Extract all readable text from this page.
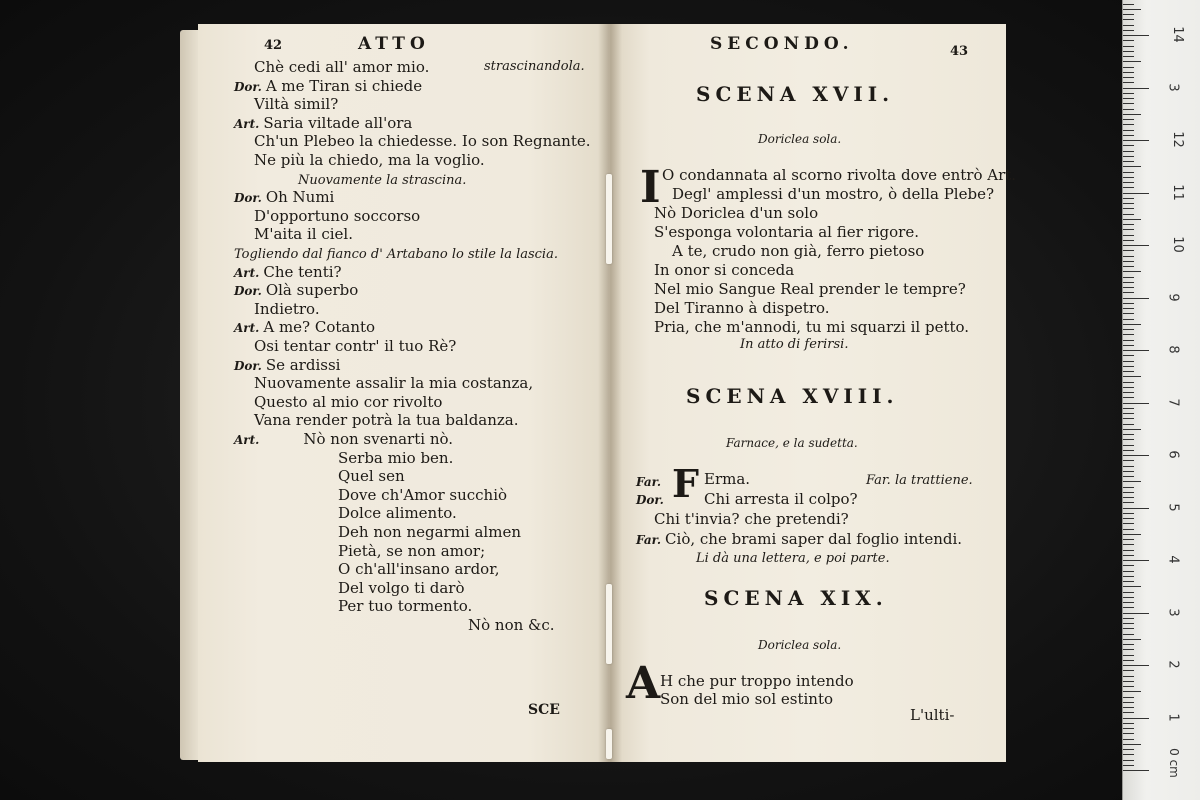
42	ATTO
Chè cedi all' amor mio.	strascinandola.
Dor. A me Tiran si chiede
Viltà simil?
Art. Saria viltade all'ora
Ch'un Plebeo la chiedesse. Io son Regnante.
Ne più la chiedo, ma la voglio.
Nuovamente la strascina.
Dor. Oh Numi
D'opportuno soccorso
M'aita il ciel.
Togliendo dal fianco d' Artabano lo stile la lascia.
Art. Che tenti?
Dor. Olà superbo
Indietro.
Art. A me? Cotanto
Osi tentar contr' il tuo Rè?
Dor. Se ardissi
Nuovamente assalir la mia costanza,
Questo al mio cor rivolto
Vana render potrà la tua baldanza.
Art.	Nò non svenarti nò.
Serba mio ben.
Quel sen
Dove ch'Amor succhiò
Dolce alimento.
Deh non negarmi almen
Pietà, se non amor;
O ch'all'insano ardor,
Del volgo ti darò
Per tuo tormento.
Nò non &c.
SCE
SECONDO.	43
SCENA XVII.
Doriclea sola.
I O condannata al scorno rivolta dove entrò Art.
Degl' amplessi d'un mostro, ò della Plebe?
Nò Doriclea d'un solo
S'esponga volontaria al fier rigore.
A te, crudo non già, ferro pietoso
In onor si conceda
Nel mio Sangue Real prender le tempre?
Del Tiranno à dispetro.
Pria, che m'annodi, tu mi squarzi il petto.
In atto di ferirsi.
SCENA XVIII.
Farnace, e la sudetta.
Far. F Erma.	Far. la trattiene.
Dor.	Chi arresta il colpo?
Chi t'invia? che pretendi?
Far. Ciò, che brami saper dal foglio intendi.
Li dà una lettera, e poi parte.
SCENA XIX.
Doriclea sola.
A H che pur troppo intendo
Son del mio sol estinto
L'ulti-
14
3
12
11
10
9
8
7
6
5
4
3
2
1
0 cm
